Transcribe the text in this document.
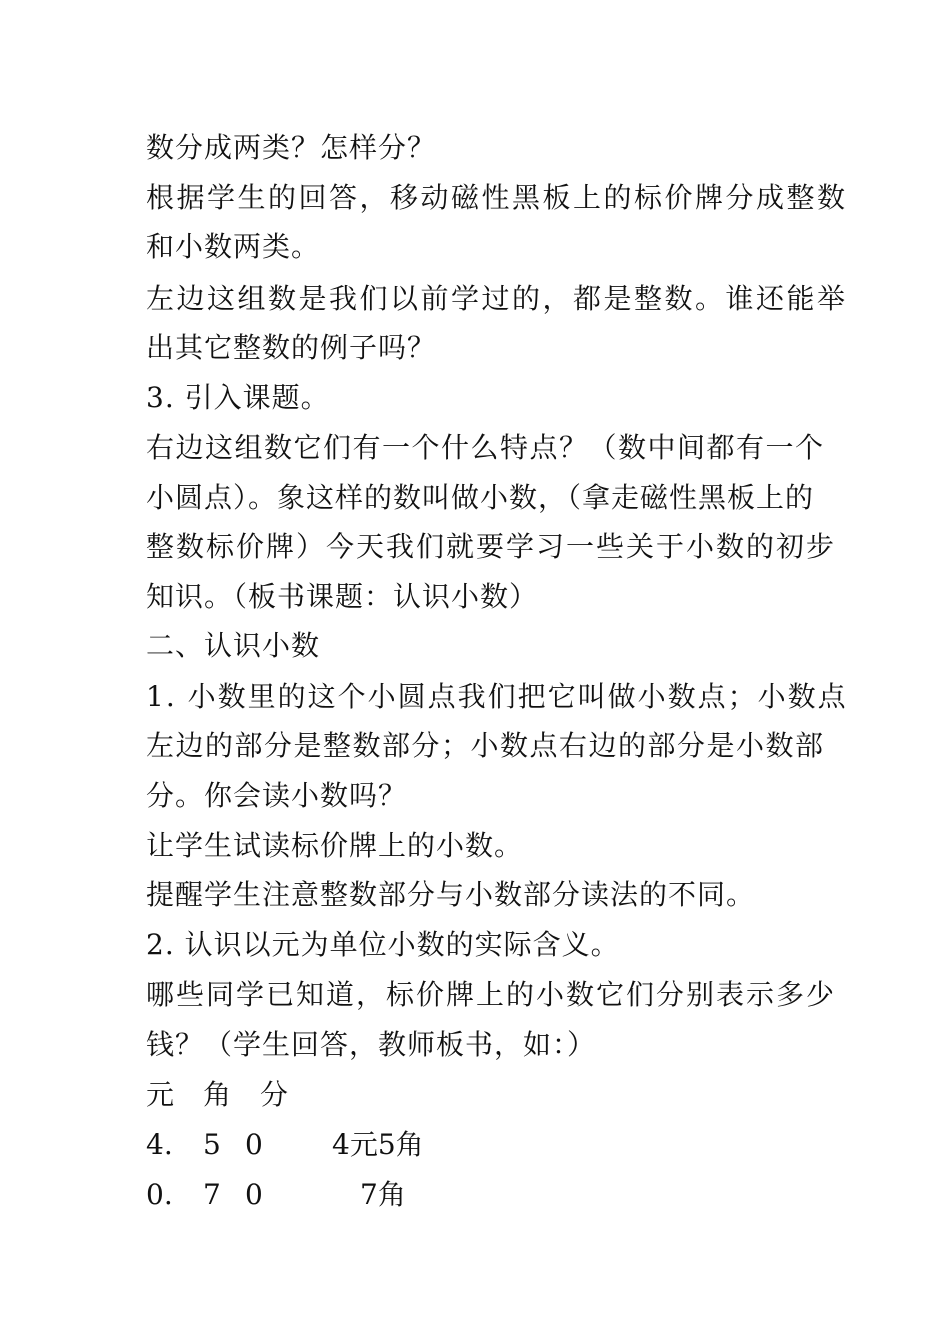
数分成两类？怎样分？
根据学生的回答，移动磁性黑板上的标价牌分成整数
和小数两类。
左边这组数是我们以前学过的，都是整数。谁还能举
出其它整数的例子吗？
3. 引入课题。
右边这组数它们有一个什么特点？（数中间都有一个
小圆点）。象这样的数叫做小数，（拿走磁性黑板上的
整数标价牌）今天我们就要学习一些关于小数的初步
知识。（板书课题：认识小数）
二、认识小数
1. 小数里的这个小圆点我们把它叫做小数点；小数点
左边的部分是整数部分；小数点右边的部分是小数部
分。你会读小数吗？
让学生试读标价牌上的小数。
提醒学生注意整数部分与小数部分读法的不同。
2. 认识以元为单位小数的实际含义。
哪些同学已知道，标价牌上的小数它们分别表示多少
钱？（学生回答，教师板书，如：）
元 角 分
4. 5 0 4元5角
0. 7 0	7角
